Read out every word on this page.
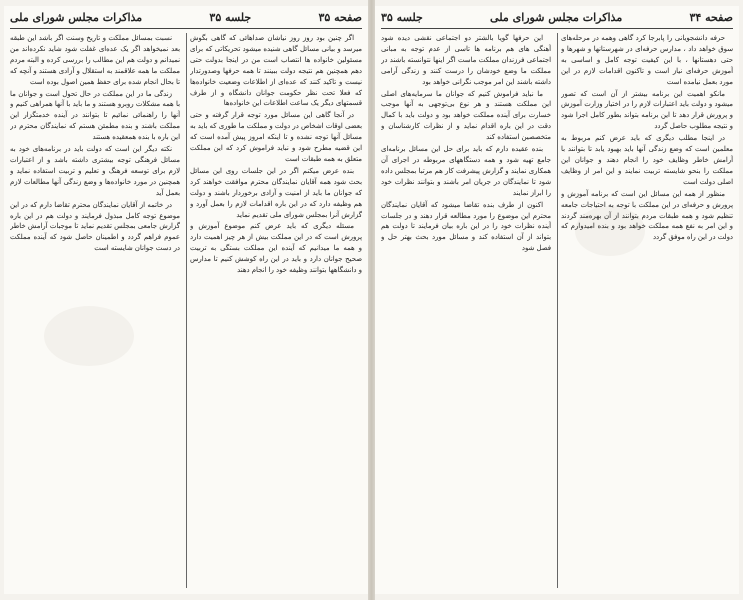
صفحه ۳۵
جلسه ۳۵
مذاکرات مجلس شورای ملی

اگر چنین بود روز روز نیاشان صداهائی که گاهی بگوش میرسد و بیانی مسائل گاهی شنیده میشود تحریکاتی که برای مسئولین خانواده ها انتصاب است من در اینجا بدولت حتی دهم همچنین هم نتیجه دولت ببینند تا همه حرفها وصدورتدار نیست و تاکید کنند که عده‌ای از اطلاعات وضعیت خانواده‌ها که فعلا تحت نظر حکومت جوانان دانشگاه و از طرف قسمتهای دیگر یک ساعت اطلاعات این خانواده‌ها

در آنجا گاهی این مسائل مورد توجه قرار گرفته و حتی بعضی اوقات اشخاص در دولت و مملکت ما طوری که باید به مسائل آنها توجه نشده و تا اینکه امروز پیش آمده است که این قضیه مطرح شود و نباید فراموش کرد که این مملکت متعلق به همه طبقات است

بنده عرض میکنم اگر در این جلسات روی این مسائل بحث شود همه آقایان نمایندگان محترم موافقت خواهند کرد که جوانان ما باید از امنیت و آزادی برخوردار باشند و دولت هم وظیفه دارد که در این باره اقدامات لازم را بعمل آورد و گزارش آنرا بمجلس شورای ملی تقدیم نماید

مسئله دیگری که باید عرض کنم موضوع آموزش و پرورش است که در این مملکت بیش از هر چیز اهمیت دارد و همه ما میدانیم که آینده این مملکت بستگی به تربیت صحیح جوانان دارد و باید در این راه کوشش کنیم تا مدارس و دانشگاهها بتوانند وظیفه خود را انجام دهند

نسبت بمسائل مملکت و تاریخ وسنت اگر باشد این طبقه بعد نمیخواهد اگر یک عده‌ای غفلت شود شاید نکرده‌اند من نمیدانم و دولت هم این مطالب را بررسی کرده و البته مردم مملکت ما همه علاقمند به استقلال و آزادی هستند و آنچه که تا بحال انجام شده برای حفظ همین اصول بوده است

زندگی ما در این مملکت در حال تحول است و جوانان ما با همه مشکلات روبرو هستند و ما باید با آنها همراهی کنیم و آنها را راهنمائی نمائیم تا بتوانند در آینده خدمتگزار این مملکت باشند و بنده مطمئن هستم که نمایندگان محترم در این باره با بنده همعقیده هستند

نکته دیگر این است که دولت باید در برنامه‌های خود به مسائل فرهنگی توجه بیشتری داشته باشد و از اعتبارات لازم برای توسعه فرهنگ و تعلیم و تربیت استفاده نماید و همچنین در مورد خانواده‌ها و وضع زندگی آنها مطالعات لازم بعمل آید

در خاتمه از آقایان نمایندگان محترم تقاضا دارم که در این موضوع توجه کامل مبذول فرمایند و دولت هم در این باره گزارش جامعی بمجلس تقدیم نماید تا موجبات آرامش خاطر عموم فراهم گردد و اطمینان حاصل شود که آینده مملکت در دست جوانان شایسته است

صفحه ۳۴
مذاکرات مجلس شورای ملی
جلسه ۳۵

حرفه دانشجویانی را پابرجا کرد گاهی وهمه در مرحله‌های سوق خواهد داد ، مدارس حرفه‌ای در شهرستانها و شهرها و حتی دهستانها ، با این کیفیت توجه کامل و اساسی به آموزش حرفه‌ای نیاز است و تاکنون اقدامات لازم در این مورد بعمل نیامده است

مانکو اهمیت این برنامه بیشتر از آن است که تصور میشود و دولت باید اعتبارات لازم را در اختیار وزارت آموزش و پرورش قرار دهد تا این برنامه بتواند بطور کامل اجرا شود و نتیجه مطلوب حاصل گردد

در اینجا مطلب دیگری که باید عرض کنم مربوط به معلمین است که وضع زندگی آنها باید بهبود یابد تا بتوانند با آرامش خاطر وظایف خود را انجام دهند و جوانان این مملکت را بنحو شایسته تربیت نمایند و این امر از وظایف اصلی دولت است

منظور از همه این مسائل این است که برنامه آموزش و پرورش و حرفه‌ای در این مملکت با توجه به احتیاجات جامعه تنظیم شود و همه طبقات مردم بتوانند از آن بهره‌مند گردند و این امر به نفع همه مملکت خواهد بود و بنده امیدوارم که دولت در این راه موفق گردد

این حرفها گویا بالشتر دو اجتماعی نقشی دیده شود آهنگی های هم برنامه ها تاسی از عدم توجه به مبانی اجتماعی فرزندان مملکت ماست اگر اینها نتوانسته باشند در مملکت ما وضع خودشان را درست کنند و زندگی آرامی داشته باشند این امر موجب نگرانی خواهد بود

ما نباید فراموش کنیم که جوانان ما سرمایه‌های اصلی این مملکت هستند و هر نوع بی‌توجهی به آنها موجب خسارت برای آینده مملکت خواهد بود و دولت باید با کمال دقت در این باره اقدام نماید و از نظرات کارشناسان و متخصصین استفاده کند

بنده عقیده دارم که باید برای حل این مسائل برنامه‌ای جامع تهیه شود و همه دستگاههای مربوطه در اجرای آن همکاری نمایند و گزارش پیشرفت کار هم مرتبا بمجلس داده شود تا نمایندگان در جریان امر باشند و بتوانند نظرات خود را ابراز نمایند

اکنون از طرف بنده تقاضا میشود که آقایان نمایندگان محترم این موضوع را مورد مطالعه قرار دهند و در جلسات آینده نظرات خود را در این باره بیان فرمایند تا دولت هم بتواند از آن استفاده کند و مسائل مورد بحث بهتر حل و فصل شود
